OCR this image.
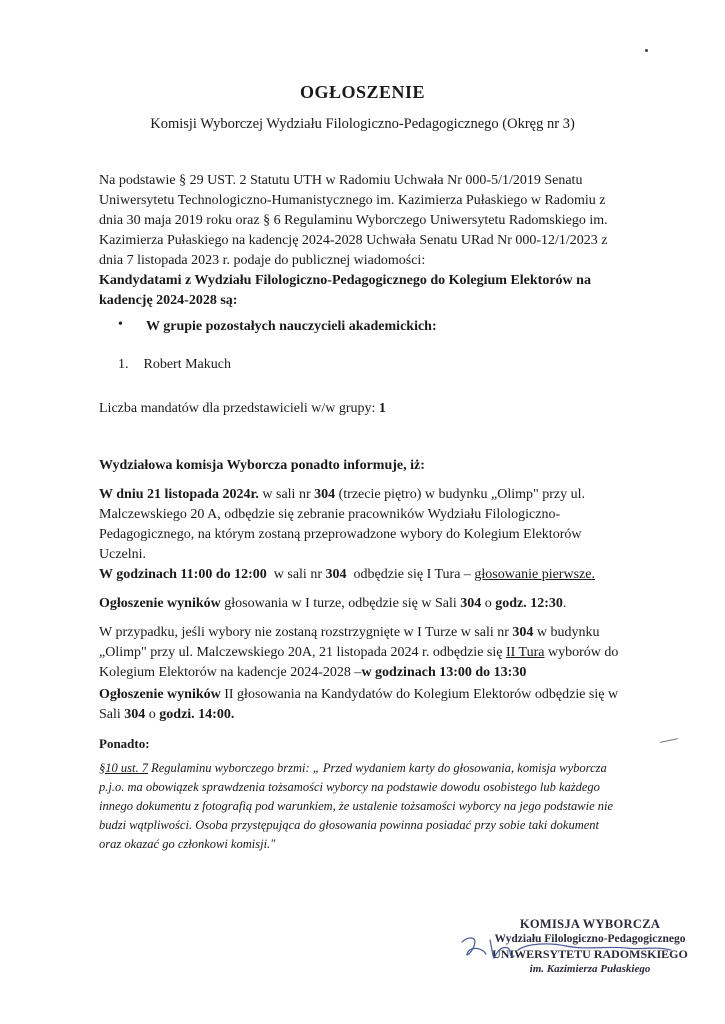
OGŁOSZENIE
Komisji Wyborczej Wydziału Filologiczno-Pedagogicznego (Okręg nr 3)
Na podstawie § 29 UST. 2 Statutu UTH w Radomiu Uchwała Nr 000-5/1/2019 Senatu
Uniwersytetu Technologiczno-Humanistycznego im. Kazimierza Pułaskiego w Radomiu z
dnia 30 maja 2019 roku oraz § 6 Regulaminu Wyborczego Uniwersytetu Radomskiego im.
Kazimierza Pułaskiego na kadencję 2024-2028 Uchwała Senatu URad Nr 000-12/1/2023 z
dnia 7 listopada 2023 r. podaje do publicznej wiadomości:
Kandydatami z Wydziału Filologiczno-Pedagogicznego do Kolegium Elektorów na
kadencję 2024-2028 są:
• W grupie pozostałych nauczycieli akademickich:
1. Robert Makuch
Liczba mandatów dla przedstawicieli w/w grupy: 1
Wydziałowa komisja Wyborcza ponadto informuje, iż:
W dniu 21 listopada 2024r. w sali nr 304 (trzecie piętro) w budynku „Olimp" przy ul.
Malczewskiego 20 A, odbędzie się zebranie pracowników Wydziału Filologiczno-
Pedagogicznego, na którym zostaną przeprowadzone wybory do Kolegium Elektorów
Uczelni.
W godzinach 11:00 do 12:00  w sali nr 304  odbędzie się I Tura – głosowanie pierwsze.
Ogłoszenie wyników głosowania w I turze, odbędzie się w Sali 304 o godz. 12:30.
W przypadku, jeśli wybory nie zostaną rozstrzygnięte w I Turze w sali nr 304 w budynku
„Olimp" przy ul. Malczewskiego 20A, 21 listopada 2024 r. odbędzie się II Tura wyborów do
Kolegium Elektorów na kadencje 2024-2028 –w godzinach 13:00 do 13:30
Ogłoszenie wyników II głosowania na Kandydatów do Kolegium Elektorów odbędzie się w
Sali 304 o godzi. 14:00.
Ponadto:
§10 ust. 7 Regulaminu wyborczego brzmi: „ Przed wydaniem karty do głosowania, komisja wyborcza
p.j.o. ma obowiązek sprawdzenia tożsamości wyborcy na podstawie dowodu osobistego lub każdego
innego dokumentu z fotografią pod warunkiem, że ustalenie tożsamości wyborcy na jego podstawie nie
budzi wątpliwości. Osoba przystępująca do głosowania powinna posiadać przy sobie taki dokument
oraz okazać go członkowi komisji."
KOMISJA WYBORCZA
Wydziału Filologiczno-Pedagogicznego
UNIWERSYTETU RADOMSKIEGO
im. Kazimierza Pułaskiego
